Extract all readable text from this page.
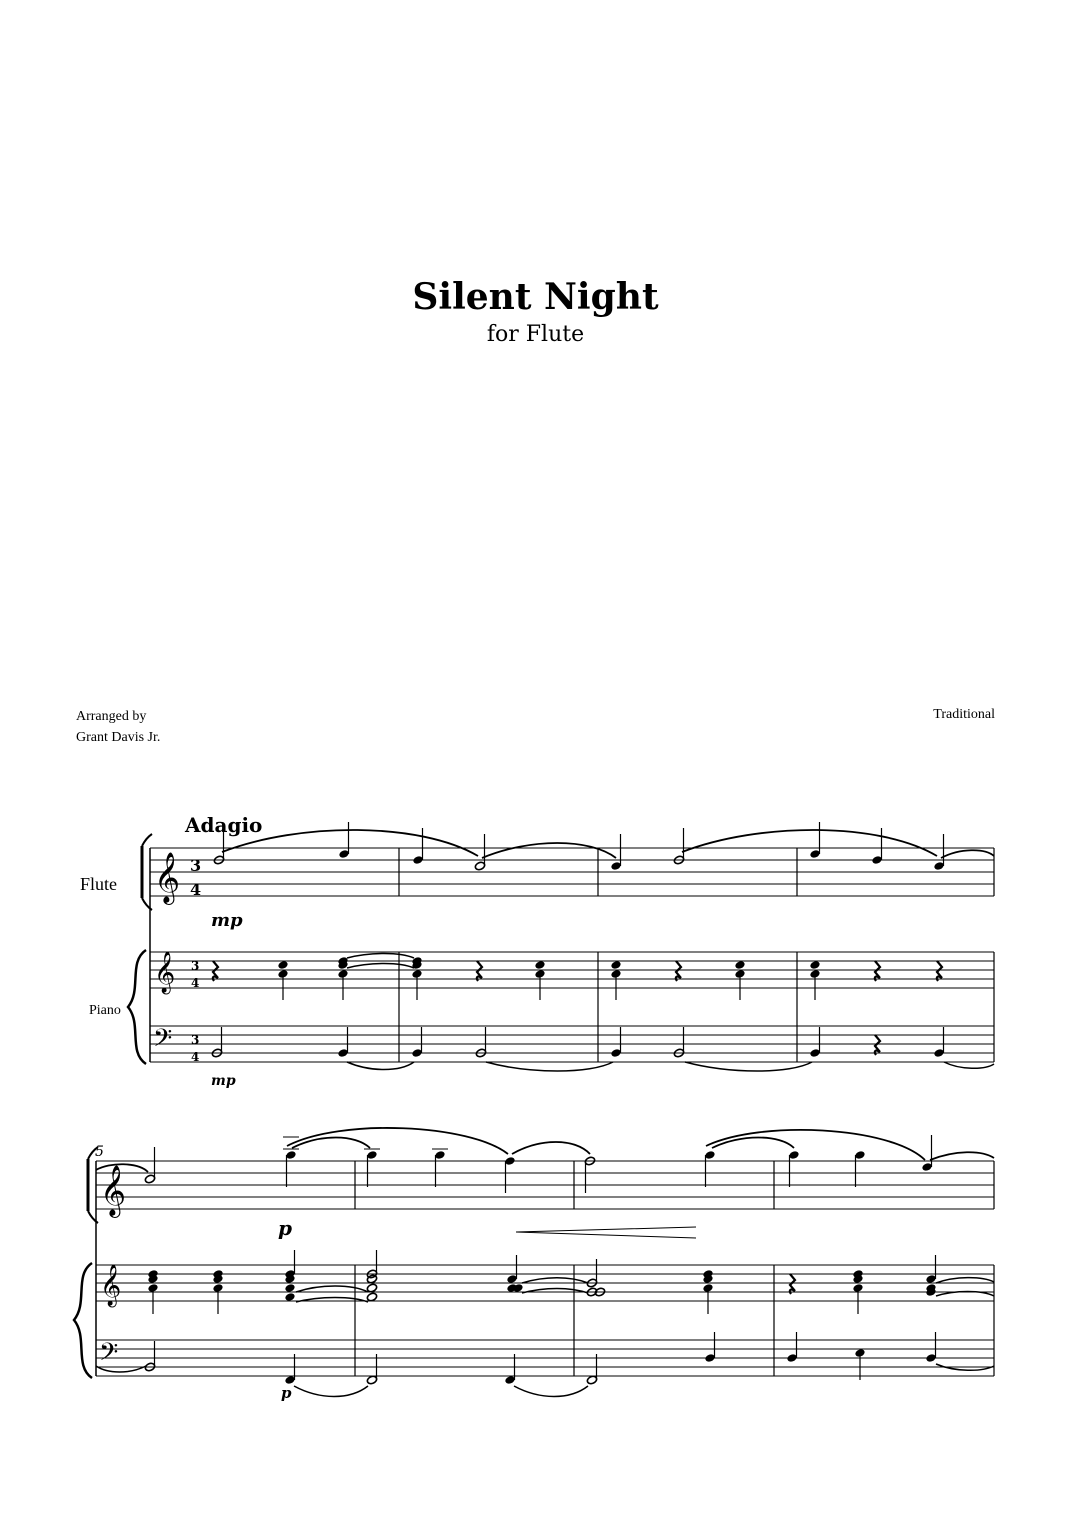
Silent Night
for Flute
Arranged by
Grant Davis Jr.
Traditional
Adagio
Flute
Piano
𝄞
𝄞
𝄢
3
4
3
4
3
4
mp
mp
5
𝄞
𝄞
𝄢
p
p
